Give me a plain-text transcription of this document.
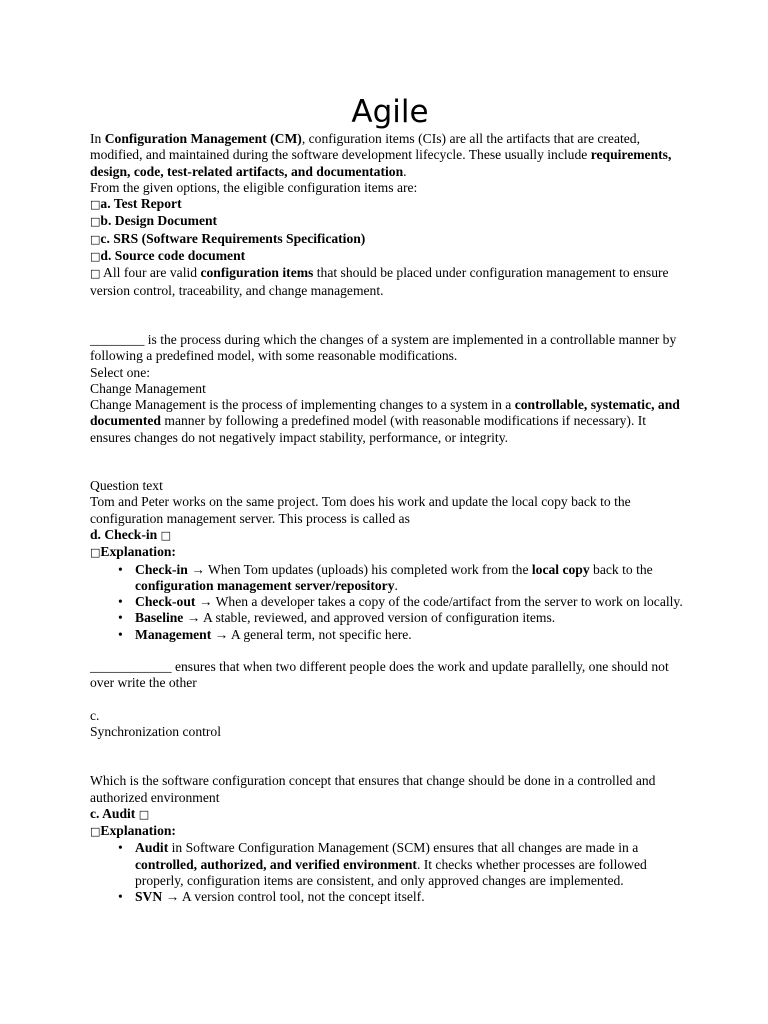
Agile

In Configuration Management (CM), configuration items (CIs) are all the artifacts that are created, modified, and maintained during the software development lifecycle. These usually include requirements, design, code, test-related artifacts, and documentation.

From the given options, the eligible configuration items are:

□a. Test Report

□b. Design Document

□c. SRS (Software Requirements Specification)

□d. Source code document

□ All four are valid configuration items that should be placed under configuration management to ensure version control, traceability, and change management.

________ is the process during which the changes of a system are implemented in a controllable manner by following a predefined model, with some reasonable modifications.

Select one:

Change Management

Change Management is the process of implementing changes to a system in a controllable, systematic, and documented manner by following a predefined model (with reasonable modifications if necessary). It ensures changes do not negatively impact stability, performance, or integrity.

Question text

Tom and Peter works on the same project. Tom does his work and update the local copy back to the configuration management server. This process is called as

d. Check-in □

□Explanation:

• Check-in → When Tom updates (uploads) his completed work from the local copy back to the configuration management server/repository.
• Check-out → When a developer takes a copy of the code/artifact from the server to work on locally.
• Baseline → A stable, reviewed, and approved version of configuration items.
• Management → A general term, not specific here.

____________ ensures that when two different people does the work and update parallelly, one should not over write the other

c.

Synchronization control

Which is the software configuration concept that ensures that change should be done in a controlled and authorized environment

c. Audit □

□Explanation:

• Audit in Software Configuration Management (SCM) ensures that all changes are made in a controlled, authorized, and verified environment. It checks whether processes are followed properly, configuration items are consistent, and only approved changes are implemented.
• SVN → A version control tool, not the concept itself.
